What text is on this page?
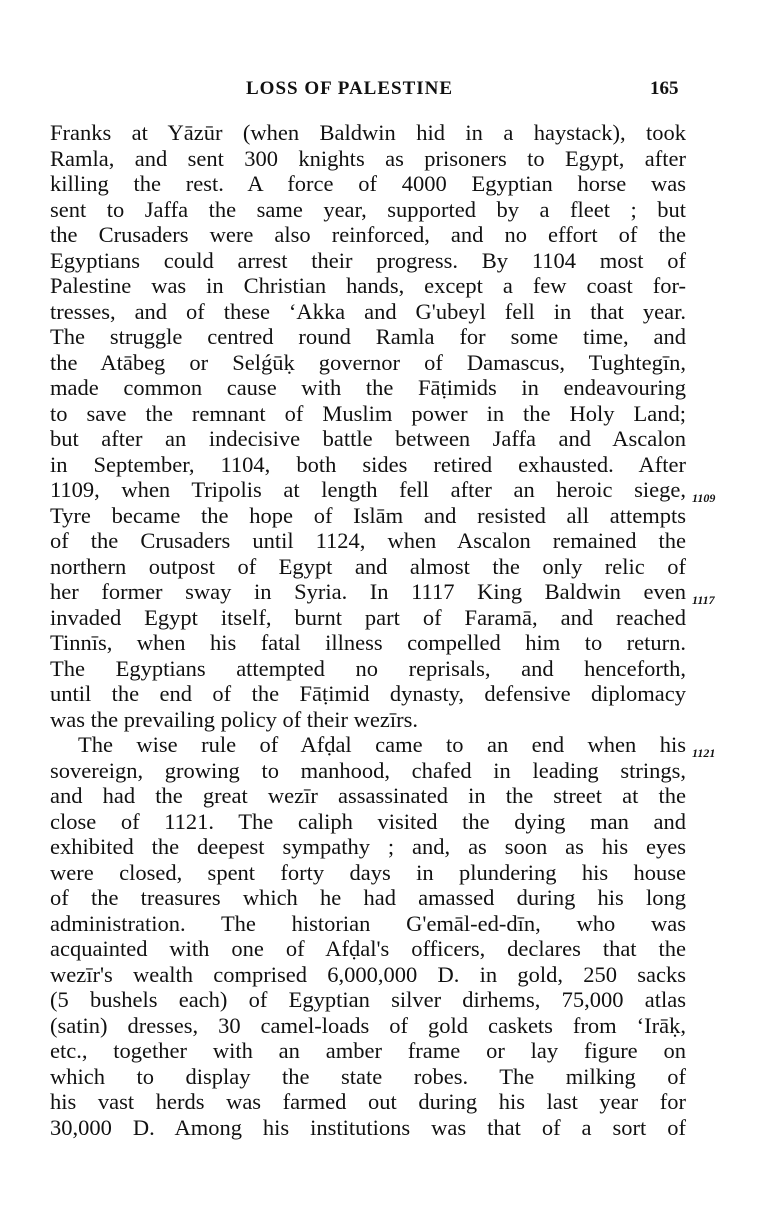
LOSS OF PALESTINE	165
Franks at Yāzūr (when Baldwin hid in a haystack), took
Ramla, and sent 300 knights as prisoners to Egypt, after
killing the rest. A force of 4000 Egyptian horse was
sent to Jaffa the same year, supported by a fleet ; but
the Crusaders were also reinforced, and no effort of the
Egyptians could arrest their progress. By 1104 most of
Palestine was in Christian hands, except a few coast for-
tresses, and of these ‘Akka and G'ubeyl fell in that year.
The struggle centred round Ramla for some time, and
the Atābeg or Selǵūḳ governor of Damascus, Tughtegīn,
made common cause with the Fāṭimids in endeavouring
to save the remnant of Muslim power in the Holy Land;
but after an indecisive battle between Jaffa and Ascalon
in September, 1104, both sides retired exhausted. After
1109, when Tripolis at length fell after an heroic siege,
Tyre became the hope of Islām and resisted all attempts
of the Crusaders until 1124, when Ascalon remained the
northern outpost of Egypt and almost the only relic of
her former sway in Syria. In 1117 King Baldwin even
invaded Egypt itself, burnt part of Faramā, and reached
Tinnīs, when his fatal illness compelled him to return.
The Egyptians attempted no reprisals, and henceforth,
until the end of the Fāṭimid dynasty, defensive diplomacy
was the prevailing policy of their wezīrs.
The wise rule of Afḍal came to an end when his
sovereign, growing to manhood, chafed in leading strings,
and had the great wezīr assassinated in the street at the
close of 1121. The caliph visited the dying man and
exhibited the deepest sympathy ; and, as soon as his eyes
were closed, spent forty days in plundering his house
of the treasures which he had amassed during his long
administration. The historian G'emāl-ed-dīn, who was
acquainted with one of Afḍal's officers, declares that the
wezīr's wealth comprised 6,000,000 D. in gold, 250 sacks
(5 bushels each) of Egyptian silver dirhems, 75,000 atlas
(satin) dresses, 30 camel-loads of gold caskets from ‘Irāḳ,
etc., together with an amber frame or lay figure on
which to display the state robes. The milking of
his vast herds was farmed out during his last year for
30,000 D. Among his institutions was that of a sort of
1109
1117
1121
